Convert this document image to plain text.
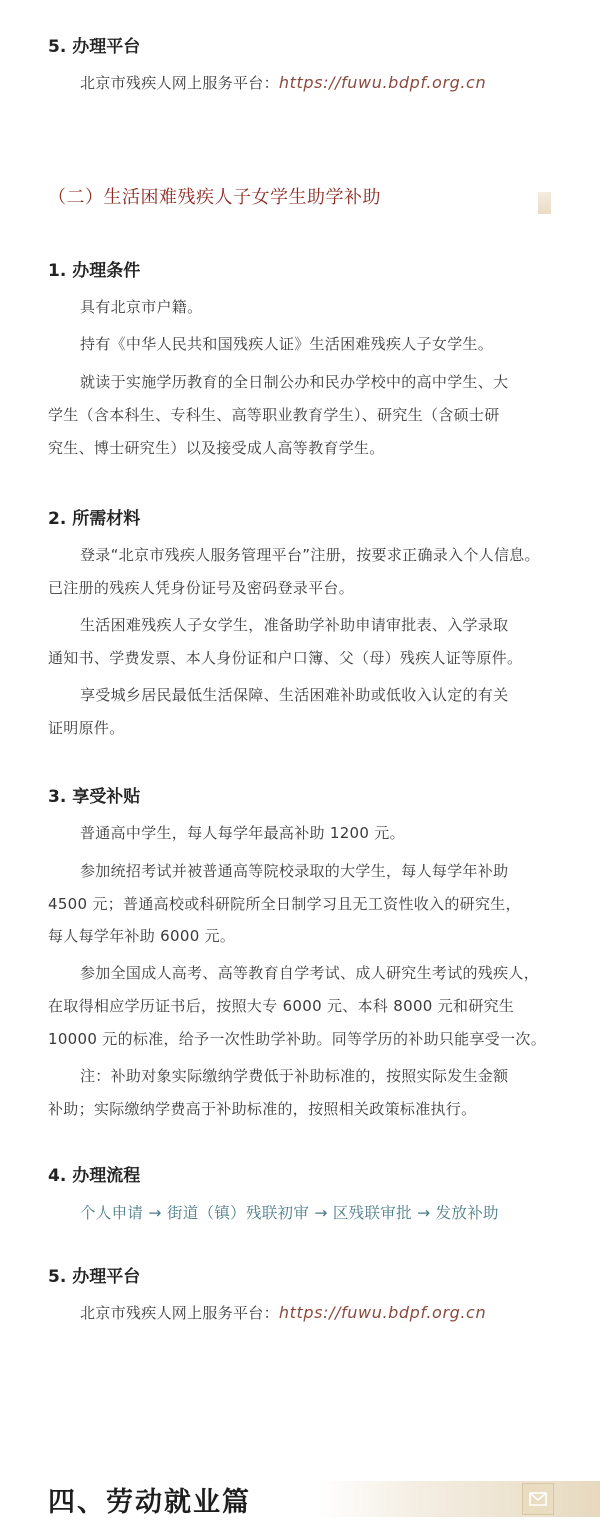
5. 办理平台
北京市残疾人网上服务平台：https://fuwu.bdpf.org.cn
（二）生活困难残疾人子女学生助学补助
1. 办理条件
具有北京市户籍。
持有《中华人民共和国残疾人证》生活困难残疾人子女学生。
就读于实施学历教育的全日制公办和民办学校中的高中学生、大
学生（含本科生、专科生、高等职业教育学生）、研究生（含硕士研
究生、博士研究生）以及接受成人高等教育学生。
2. 所需材料
登录“北京市残疾人服务管理平台”注册，按要求正确录入个人信息。
已注册的残疾人凭身份证号及密码登录平台。
生活困难残疾人子女学生，准备助学补助申请审批表、入学录取
通知书、学费发票、本人身份证和户口簿、父（母）残疾人证等原件。
享受城乡居民最低生活保障、生活困难补助或低收入认定的有关
证明原件。
3. 享受补贴
普通高中学生，每人每学年最高补助 1200 元。
参加统招考试并被普通高等院校录取的大学生，每人每学年补助
4500 元；普通高校或科研院所全日制学习且无工资性收入的研究生，
每人每学年补助 6000 元。
参加全国成人高考、高等教育自学考试、成人研究生考试的残疾人，
在取得相应学历证书后，按照大专 6000 元、本科 8000 元和研究生
10000 元的标准，给予一次性助学补助。同等学历的补助只能享受一次。
注：补助对象实际缴纳学费低于补助标准的，按照实际发生金额
补助；实际缴纳学费高于补助标准的，按照相关政策标准执行。
4. 办理流程
个人申请 → 街道（镇）残联初审 → 区残联审批 → 发放补助
5. 办理平台
北京市残疾人网上服务平台：https://fuwu.bdpf.org.cn
四、劳动就业篇
